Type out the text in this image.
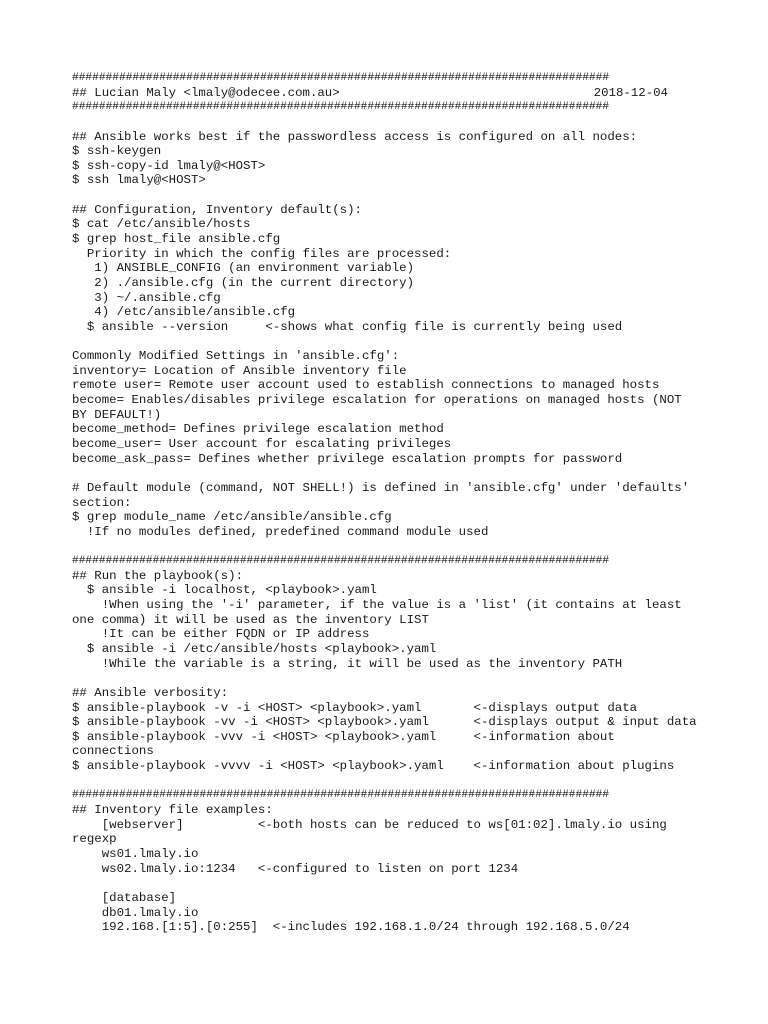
################################################################################
## Lucian Maly <lmaly@odecee.com.au>	2018-12-04
################################################################################
## Ansible works best if the passwordless access is configured on all nodes:
$ ssh-keygen
$ ssh-copy-id lmaly@<HOST>
$ ssh lmaly@<HOST>
## Configuration, Inventory default(s):
$ cat /etc/ansible/hosts
$ grep host_file ansible.cfg
Priority in which the config files are processed:
1) ANSIBLE_CONFIG (an environment variable)
2) ./ansible.cfg (in the current directory)
3) ~/.ansible.cfg
4) /etc/ansible/ansible.cfg
$ ansible --version     <-shows what config file is currently being used
Commonly Modified Settings in 'ansible.cfg':
inventory= Location of Ansible inventory file
remote user= Remote user account used to establish connections to managed hosts
become= Enables/disables privilege escalation for operations on managed hosts (NOT
BY DEFAULT!)
become_method= Defines privilege escalation method
become_user= User account for escalating privileges
become_ask_pass= Defines whether privilege escalation prompts for password
# Default module (command, NOT SHELL!) is defined in 'ansible.cfg' under 'defaults'
section:
$ grep module_name /etc/ansible/ansible.cfg
!If no modules defined, predefined command module used
################################################################################
## Run the playbook(s):
$ ansible -i localhost, <playbook>.yaml
!When using the '-i' parameter, if the value is a 'list' (it contains at least
one comma) it will be used as the inventory LIST
!It can be either FQDN or IP address
$ ansible -i /etc/ansible/hosts <playbook>.yaml
!While the variable is a string, it will be used as the inventory PATH
## Ansible verbosity:
$ ansible-playbook -v -i <HOST> <playbook>.yaml       <-displays output data
$ ansible-playbook -vv -i <HOST> <playbook>.yaml      <-displays output & input data
$ ansible-playbook -vvv -i <HOST> <playbook>.yaml     <-information about
connections
$ ansible-playbook -vvvv -i <HOST> <playbook>.yaml    <-information about plugins
################################################################################
## Inventory file examples:
[webserver]          <-both hosts can be reduced to ws[01:02].lmaly.io using
regexp
ws01.lmaly.io
ws02.lmaly.io:1234   <-configured to listen on port 1234
[database]
db01.lmaly.io
192.168.[1:5].[0:255]  <-includes 192.168.1.0/24 through 192.168.5.0/24
